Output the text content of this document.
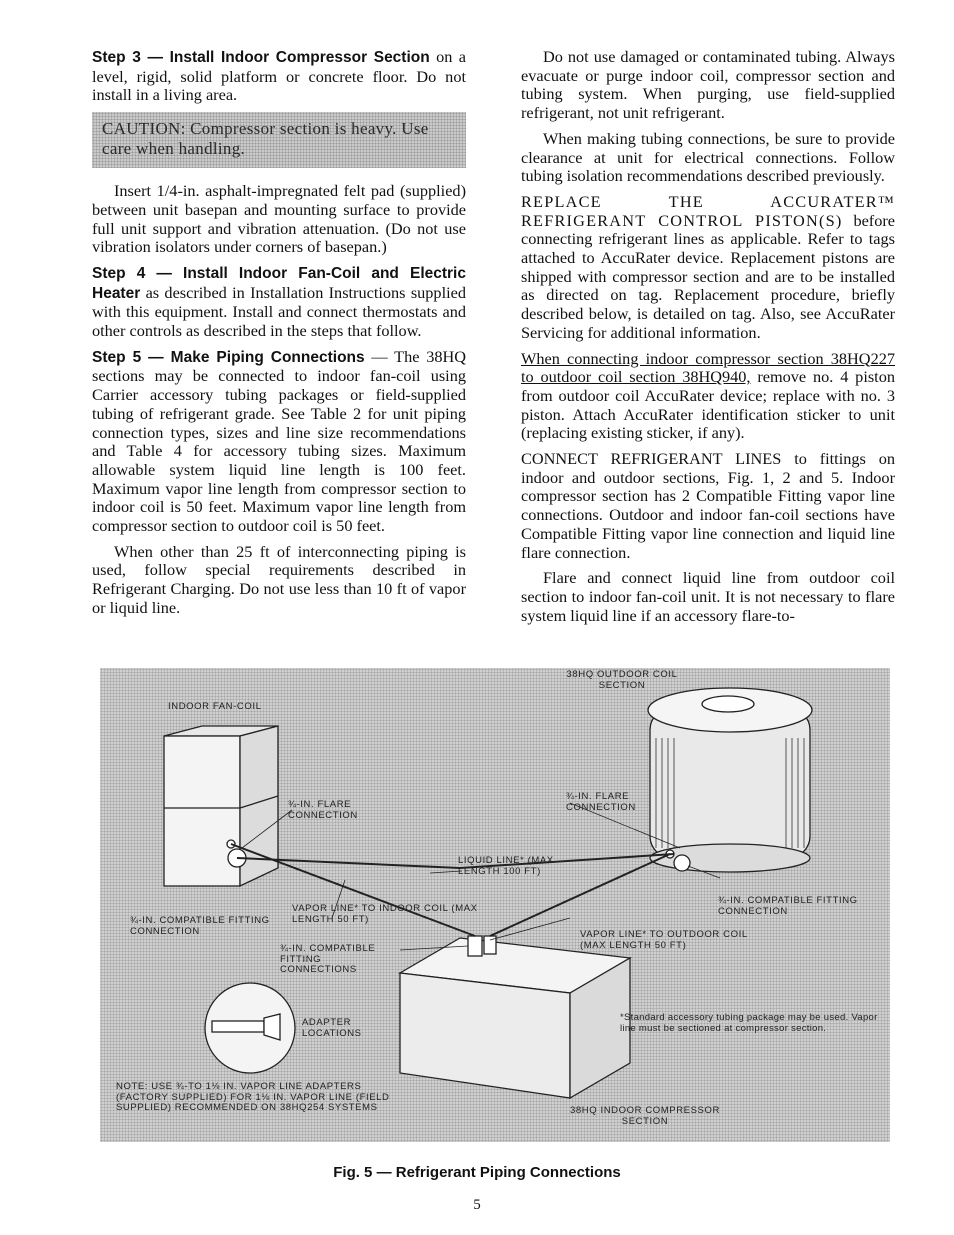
Step 3 — Install Indoor Compressor Section on a level, rigid, solid platform or concrete floor. Do not install in a living area.

CAUTION: Compressor section is heavy. Use care when handling.

Insert 1/4-in. asphalt-impregnated felt pad (supplied) between unit basepan and mounting surface to provide full unit support and vibration attenuation. (Do not use vibration isolators under corners of basepan.)

Step 4 — Install Indoor Fan-Coil and Electric Heater as described in Installation Instructions supplied with this equipment. Install and connect thermostats and other controls as described in the steps that follow.

Step 5 — Make Piping Connections — The 38HQ sections may be connected to indoor fan-coil using Carrier accessory tubing packages or field-supplied tubing of refrigerant grade. See Table 2 for unit piping connection types, sizes and line size recommendations and Table 4 for accessory tubing sizes. Maximum allowable system liquid line length is 100 feet. Maximum vapor line length from compressor section to indoor coil is 50 feet. Maximum vapor line length from compressor section to outdoor coil is 50 feet.

When other than 25 ft of interconnecting piping is used, follow special requirements described in Refrigerant Charging. Do not use less than 10 ft of vapor or liquid line.

Do not use damaged or contaminated tubing. Always evacuate or purge indoor coil, compressor section and tubing system. When purging, use field-supplied refrigerant, not unit refrigerant.

When making tubing connections, be sure to provide clearance at unit for electrical connections. Follow tubing isolation recommendations described previously.

REPLACE THE ACCURATER™ REFRIGERANT CONTROL PISTON(S) before connecting refrigerant lines as applicable. Refer to tags attached to AccuRater device. Replacement pistons are shipped with compressor section and are to be installed as directed on tag. Replacement procedure, briefly described below, is detailed on tag. Also, see AccuRater Servicing for additional information.

When connecting indoor compressor section 38HQ227 to outdoor coil section 38HQ940, remove no. 4 piston from outdoor coil AccuRater device; replace with no. 3 piston. Attach AccuRater identification sticker to unit (replacing existing sticker, if any).

CONNECT REFRIGERANT LINES to fittings on indoor and outdoor sections, Fig. 1, 2 and 5. Indoor compressor section has 2 Compatible Fitting vapor line connections. Outdoor and indoor fan-coil sections have Compatible Fitting vapor line connection and liquid line flare connection.

Flare and connect liquid line from outdoor coil section to indoor fan-coil unit. It is not necessary to flare system liquid line if an accessory flare-to-

38HQ OUTDOOR COIL SECTION
INDOOR FAN-COIL
¾-IN. FLARE CONNECTION
¾-IN. FLARE CONNECTION
LIQUID LINE* (MAX LENGTH 100 FT)
¾-IN. COMPATIBLE FITTING CONNECTION
VAPOR LINE* TO INDOOR COIL (MAX LENGTH 50 FT)
¾-IN. COMPATIBLE FITTING CONNECTIONS
¾-IN. COMPATIBLE FITTING CONNECTION
VAPOR LINE* TO OUTDOOR COIL (MAX LENGTH 50 FT)
ADAPTER LOCATIONS
*Standard accessory tubing package may be used. Vapor line must be sectioned at compressor section.
NOTE: USE ¾-TO 1⅛ IN. VAPOR LINE ADAPTERS (FACTORY SUPPLIED) FOR 1⅛ IN. VAPOR LINE (FIELD SUPPLIED) RECOMMENDED ON 38HQ254 SYSTEMS	38HQ INDOOR COMPRESSOR SECTION
Fig. 5 — Refrigerant Piping Connections
5
